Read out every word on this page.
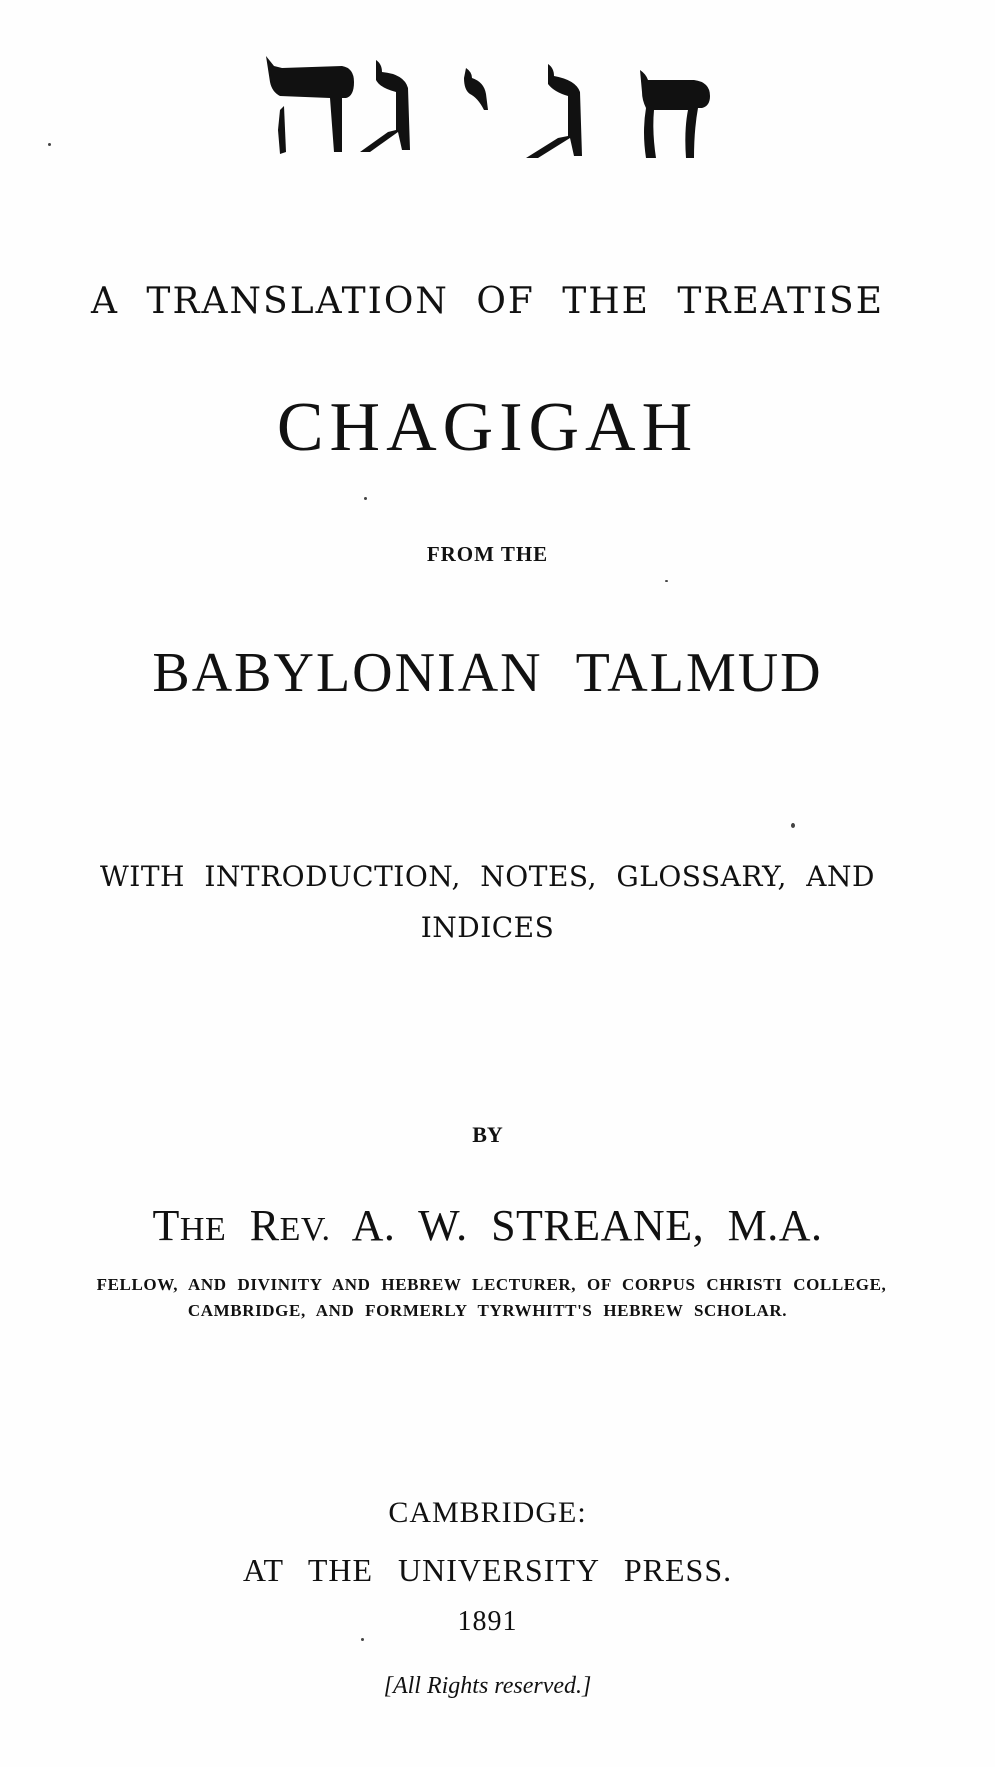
A TRANSLATION OF THE TREATISE
CHAGIGAH
FROM THE
BABYLONIAN TALMUD
WITH INTRODUCTION, NOTES, GLOSSARY, AND
INDICES
BY
THE REV. A. W. STREANE, M.A.
FELLOW, AND DIVINITY AND HEBREW LECTURER, OF CORPUS CHRISTI COLLEGE,
CAMBRIDGE, AND FORMERLY TYRWHITT'S HEBREW SCHOLAR.
CAMBRIDGE:
AT THE UNIVERSITY PRESS.
1891
[All Rights reserved.]
